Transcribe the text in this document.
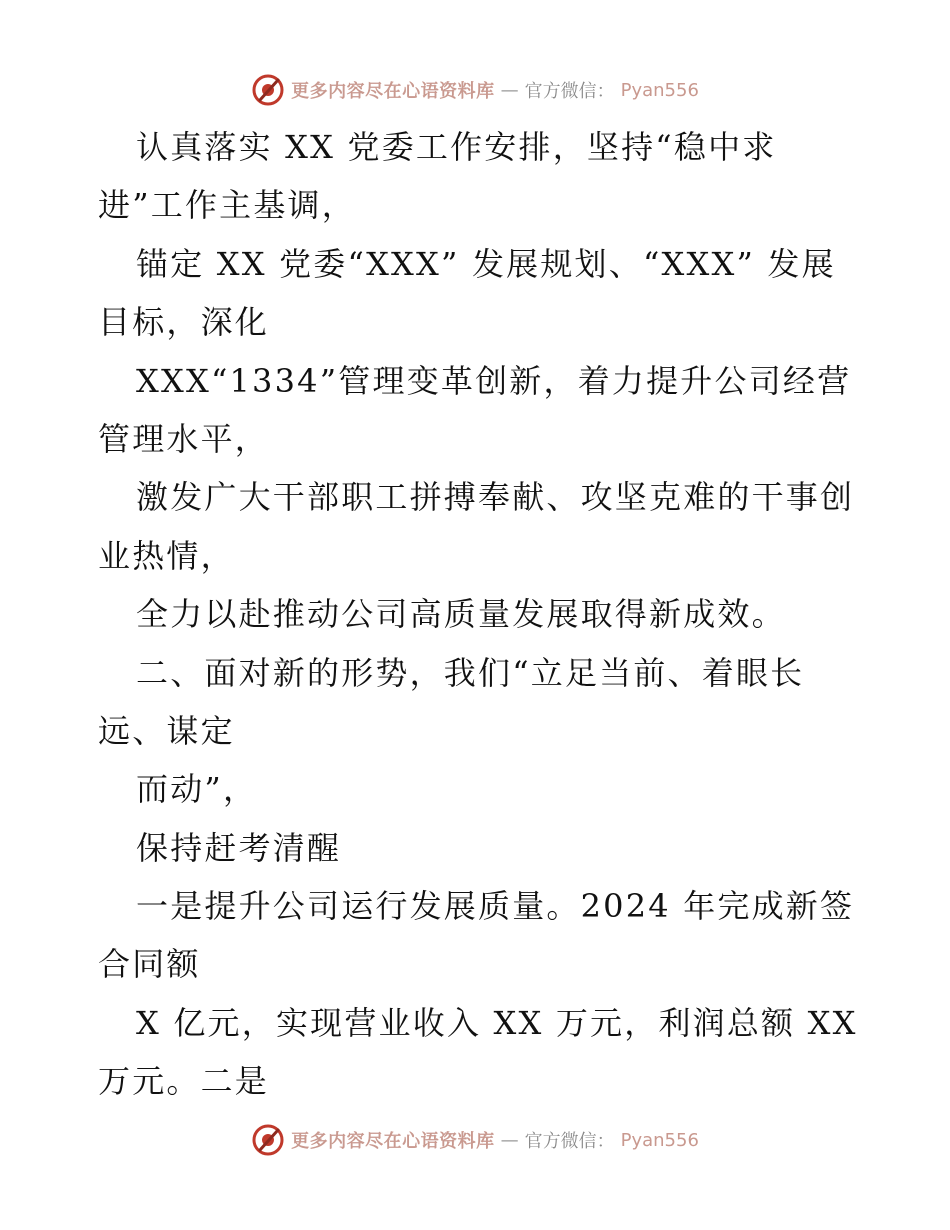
更多内容尽在心语资料库 — 官方微信： Pyan556
认真落实 XX 党委工作安排，坚持“稳中求
进”工作主基调，
锚定 XX 党委“XXX” 发展规划、“XXX” 发展
目标，深化
XXX“1334”管理变革创新，着力提升公司经营
管理水平，
激发广大干部职工拼搏奉献、攻坚克难的干事创
业热情，
全力以赴推动公司高质量发展取得新成效。
二、面对新的形势，我们“立足当前、着眼长
远、谋定
而动”，
保持赶考清醒
一是提升公司运行发展质量。2024 年完成新签
合同额
X 亿元，实现营业收入 XX 万元，利润总额 XX
万元。二是
更多内容尽在心语资料库 — 官方微信： Pyan556
